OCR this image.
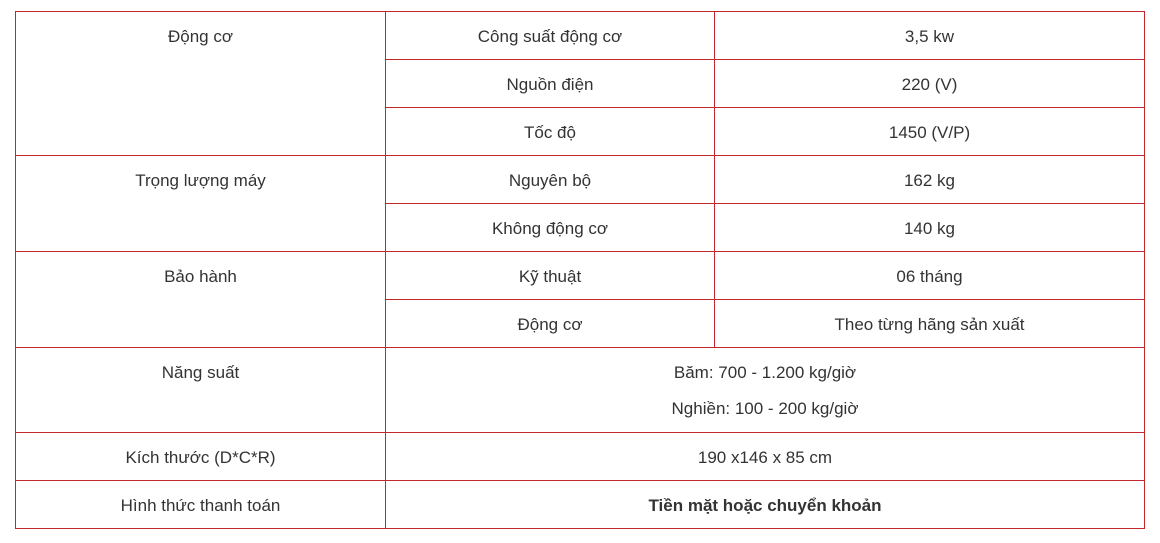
Động cơ	Công suất động cơ	3,5 kw

	Nguồn điện	220 (V)

	Tốc độ	1450 (V/P)

Trọng lượng máy	Nguyên bộ	162 kg

	Không động cơ	140 kg

Bảo hành	Kỹ thuật	06 tháng

	Động cơ	Theo từng hãng sản xuất

Năng suất	Băm: 700 - 1.200 kg/giờ
Nghiền: 100 - 200 kg/giờ	

Kích thước (D*C*R)	190 x146 x 85 cm	

Hình thức thanh toán	Tiền mặt hoặc chuyển khoản	
